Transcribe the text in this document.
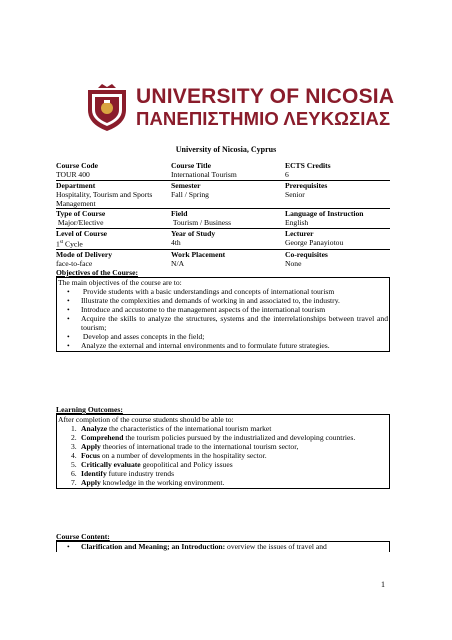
UNIVERSITY OF NICOSIA
ΠΑΝΕΠΙΣΤΗΜΙΟ ΛΕΥΚΩΣΙΑΣ
University of Nicosia, Cyprus
Course Code
TOUR 400
Course Title
International Tourism
ECTS Credits
6
Department
Hospitality, Tourism and Sports Management
Semester
Fall / Spring
Prerequisites
Senior
Type of Course
Major/Elective
Field
Tourism / Business
Language of Instruction
English
Level of Course
1st Cycle
Year of Study
4th
Lecturer
George Panayiotou
Mode of Delivery
face-to-face
Work Placement
N/A
Co-requisites
None
Objectives of the Course:
The main objectives of the course are to:
•  Provide students with a basic understandings and concepts of international tourism
• Illustrate the complexities and demands of working in and associated to, the industry.
• Introduce and accustome to the management aspects of the international tourism
• Acquire the skills to analyze the structures, systems and the interrelationships between travel and tourism;
•  Develop and asses concepts in the field;
• Analyze the external and internal environments and to formulate future strategies.
Learning Outcomes:
After completion of the course students should be able to:
1. Analyze the characteristics of the international tourism market
2. Comprehend the tourism policies pursued by the industrialized and developing countries.
3. Apply theories of international trade to the international tourism sector,
4. Focus on a number of developments in the hospitality sector.
5. Critically evaluate geopolitical and Policy issues
6. Identify future industry trends
7. Apply knowledge in the working environment.
Course Content:
• Clarification and Meaning; an Introduction: overview the issues of travel and
1
